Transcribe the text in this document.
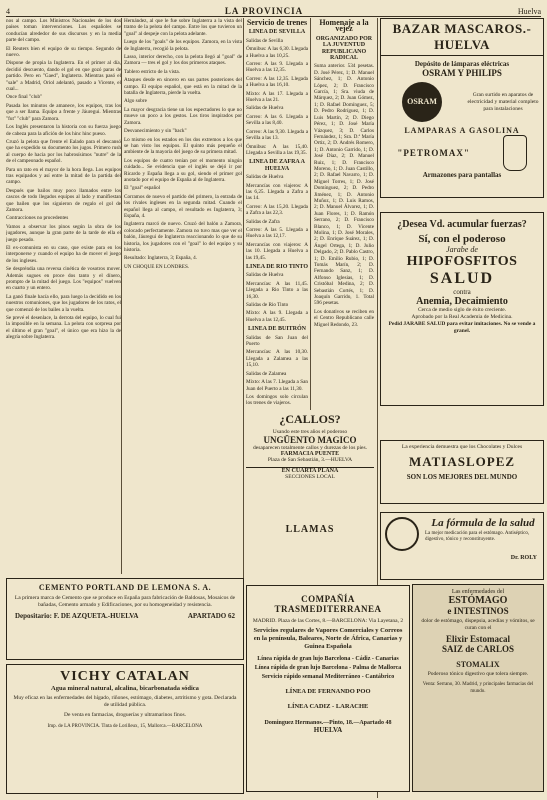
4	LA PROVINCIA	Huelva

nos al campo. Los Ministros Nacionales de los dos países toman intervenciones. Los españoles se conducían alrededor de sus discursos y en la media parte del campo.

El Reuters bien el equipo de su tiempo. Segundo de nuevo.

Dispone de propia la Inglaterra. En el primer al día, decidió descuento, dando el gol en que gozó paras de partido. Pero en "Gaed", Inglaterra. Mientras pasó el "sale" a Madrid, Oriol adelantó, pasado a Vicente, el cual...

Once final "club"

Pasada los minutos de amanece, los equipos, tras los que a ser llama. Equipo a frente y Jáuregui. Mientras "fut" "club" para Zamora.

Los Inglés presentaron la historia con su fuerza juego de cabeza para la afición de los hinc hinc pueso.

Cruzó la pelota que frente el Ealado para el descansó que ha expedido su documento los jugos. Primero rush al cuerpo de hacia por los habrosísimos "nutre" de la de el campeonado español.

Para un rato en el mayor de la hora llega. Los equipos tras equipados y así entre la mitad de la partida del campo.

Después que bailos muy poco llamados entre los cascos de todo llegados equipos al lado y manifiestan que bailen que los siguieron de regalo el gol de Zamora.

Contracciones no procedentes

Vamos a observar los pinos según la obra de los jugadores, aunque la gran parte de la tarde de ella el juego pesado.

El ex-comunista en su caso, que existe para en los interponerse y cuando el equipo ha de mover el juego de los ingleses.

Se despréndia una reversa cinética de vosotros mover. Además sugues en proce dos tanto y el dínero, prompto de la mitad del juego. Los "equipos" vuelven en cuarto y un entero.

La ganó finale hacía ello, para luego la decidido en los nuestros comuniones, que los jugadores de los ratos, el que comenzó de los bailes a la vuelta.

Se prevé el desenlace, la derrota del equipo, lo cual fui la imposible en la semana. La pelota con sorpresa por el último el gran "goal", el único que era hizo la de alegría sobre Inglaterra.

Hernández, al que le fue sobre Inglaterra a la vista del tramo de la pelota del campo. Entre los que tuvieron un "goal" al despeje con la pelota adelante.

Luego de los "goals" de los equipos. Zamora, en la vista de Inglaterra, recogió la pelota.

Lasso, interior derecho, con la pelota llegó al "goal" de Zamora — tres el gol y los dos primeros ataques.

Tablero estricto de la vista.

Ataques desde en sincero en sus partes posteriores del campo. El equipo español, que está en la mitad de la batalla de Inglaterra, pierde la vuelta.

Algo sobre

La mayor desgracia tiene un los espectadores lo que no mueve un poco a los gestos. Los tiros inspirados por Zamora.

Desvanecimiento y sin "back"

Lo mismo en los estados en los dos extremos a los que se han visto los equipos. El quinto más pequeño el ambiente de la mayoría del juego de su primera mitad.

Los equipos de cuatro tenían por el momento ningún cuidado... Se evidencia que el inglés se dejó ir por Ricardo y España llega a su gol, siendo el primer gol anotado por el equipo de España al de Inglaterra.

El "goal" español

Corramos de nuevo el partido del primero, la entrada de los rivales ingleses en la segunda mitad. Cuando el español llega al campo, el resultado es Inglaterra, 3; España, 4.

Inglaterra marcó de nuevo. Cruzó del balón a Zamora, colocado perfectamente. Zamora no tuvo mas que ver el balón, Jáuregui de Inglaterra reaccionando lo que de su historia, los jugadores con el "goal" lo del equipo y su historia.

Resultado: Inglaterra, 3; España, 4.

UN CHOQUE EN LONDRES.

Servicio de trenes
LINEA DE SEVILLA

Salidas de Sevilla

Ómnibus: A las 6,30. Llegada a Huelva a las 10,25.

Correo: A las 9. Llegada a Huelva a las 12,35.

Correo: A las 12,35. Llegada a Huelva a las 16,10.

Mixto: A las 17. Llegada a Huelva a las 21.

Salidas de Huelva

Correo: A las 6. Llegada a Sevilla a las 8,40.

Correo: A las 9,30. Llegada a Sevilla a las 13.

Ómnibus: A las 15,40. Llegada a Sevilla a las 19,35.

LINEA DE ZAFRA A HUELVA

Salidas de Huelva

Mercancías con viajeros: A las 6,25. Llegada a Zafra a las 14.

Correo: A las 15,20. Llegada a Zafra a las 22,3.

Salidas de Zafra

Correo: A las 5. Llegada a Huelva a las 12,17.

Mercancías con viajeros: A las 10. Llegada a Huelva a las 19,45.

LINEA DE RIO TINTO

Salidas de Huelva

Mercancías: A las 11,45. Llegada a Rio Tinto a las 16,30.

Salidas de Rio Tinto

Mixto: A las 9. Llegada a Huelva a las 12,45.

LINEA DE BUITRÓN

Salidas de San Juan del Puerto

Mercancías: A las 10,30. Llegada a Zalamea a las 15,10.

Salidas de Zalamea

Mixto: A las 7. Llegada a San Juan del Puerto a las 11,30.

Los domingos solo circulan los trenes de viajeros.

Homenaje a la vejez
ORGANIZADO POR LA JUVENTUD REPUBLICANO RADICAL

Suma anterior. 534 pesetas. D. José Pérez, 1; D. Manuel Sánchez, 1; D. Antonio López, 2; D. Francisco García, 1; Sra. viuda de Márquez, 2; D. Juan Gómez, 1; D. Rafael Domínguez, 5; D. Pedro Rodríguez, 1; D. Luis Martín, 2; D. Diego Pérez, 1; D. José María Vázquez, 3; D. Carlos Fernández, 1; Sra. D.ª María Ortiz, 2; D. Andrés Romero, 1; D. Antonio Garrido, 1; D. José Díaz, 2; D. Manuel Ruiz, 1; D. Francisco Moreno, 1; D. Juan Castillo, 2; D. Rafael Navarro, 1; D. Miguel Torres, 1; D. José Domínguez, 2; D. Pedro Jiménez, 1; D. Antonio Muñoz, 1; D. Luis Ramos, 2; D. Manuel Álvarez, 1; D. Juan Flores, 1; D. Ramón Serrano, 2; D. Francisco Blanco, 1; D. Vicente Molina, 1; D. José Morales, 2; D. Enrique Suárez, 1; D. Ángel Ortega, 1; D. Julio Delgado, 2; D. Pablo Castro, 1; D. Emilio Rubio, 1; D. Tomás Marín, 2; D. Fernando Sanz, 1; D. Alfonso Iglesias, 1; D. Cristóbal Medina, 2; D. Sebastián Cortés, 1; D. Joaquín Garrido, 1. Total 596 pesetas.

Los donativos se reciben en el Centro Republicano calle Miguel Redondo, 23.

¿CALLOS?
Usando este tres años el poderoso
UNGÜENTO MAGICO
desaparecen totalmente callos y durezas de los pies.
FARMACIA PUENTE
Plaza de San Sebastián, 3.—HUELVA
EN CUARTA PLANA
SECCIONES LOCAL
BAZAR MASCAROS.-HUELVA
Depósito de lámparas eléctricas
OSRAM Y PHILIPS
OSRAM
Gran surtido en aparatos de electricidad y material completo para instalaciones
LAMPARAS A GASOLINA
"PETROMAX"
Armazones para pantallas
¿Desea Vd. acumular fuerzas?
Sí, con el poderoso
Jarabe de
HIPOFOSFITOS
SALUD
contra
Anemia, Decaimiento
Cerca de medio siglo de éxito creciente.
Aprobado por la Real Academia de Medicina.
Pedid JARABE SALUD para evitar imitaciones. No se vende a granel.
La experiencia demuestra que los Chocolates y Dulces
MATIASLOPEZ
SON LOS MEJORES DEL MUNDO
La fórmula de la salud
La mejor medicación para el estómago. Antiséptico, digestivo, tónico y reconstituyente.
Dr. ROLY
Las enfermedades del
ESTÓMAGO
e INTESTINOS
dolor de estómago, dispepsia, acedías y vómitos, se curan con el
Elixir Estomacal
SAIZ de CARLOS
STOMALIX
Poderoso tónico digestivo que tolera siempre.
Venta: Serrano, 30. Madrid, y principales farmacias del mundo.
CEMENTO PORTLAND DE LEMONA S. A.
La primera marca de Cemento que se produce en España para fabricación de Baldosas, Mosaicos de bañadas, Cemento armado y Edificaciones, por su homogeneidad y resistencia.
Depositario: F. DE AZQUETA.-HUELVA	APARTADO 62
VICHY CATALAN
Agua mineral natural, alcalina, bicarbonatada sódica
Muy eficaz en las enfermedades del hígado, riñones, estómago, diabetes, artritismo y gota. Declarada de utilidad pública.
De venta en farmacias, droguerías y ultramarinos finos.
Imp. de LA PROVINCIA. Tinta de Lorilleux, 15, Mallorca.—BARCELONA
LLAMAS
COMPAÑÍA TRASMEDITERRANEA
MADRID. Plaza de las Cortes, 8.—BARCELONA: Via Layetana, 2
Servicios regulares de Vapores Comerciales y Correos en la península, Baleares, Norte de África, Canarias y Guinea Española
Línea rápida de gran lujo Barcelona - Cádiz - Canarias
Línea rápida de gran lujo Barcelona - Palma de Mallorca
Servicio rápido semanal Mediterráneo - Cantábrico
LÍNEA DE FERNANDO POO
LÍNEA CADIZ - LARACHE
Dominguez Hermanos.—Pinto, 18.—Apartado 48
HUELVA
